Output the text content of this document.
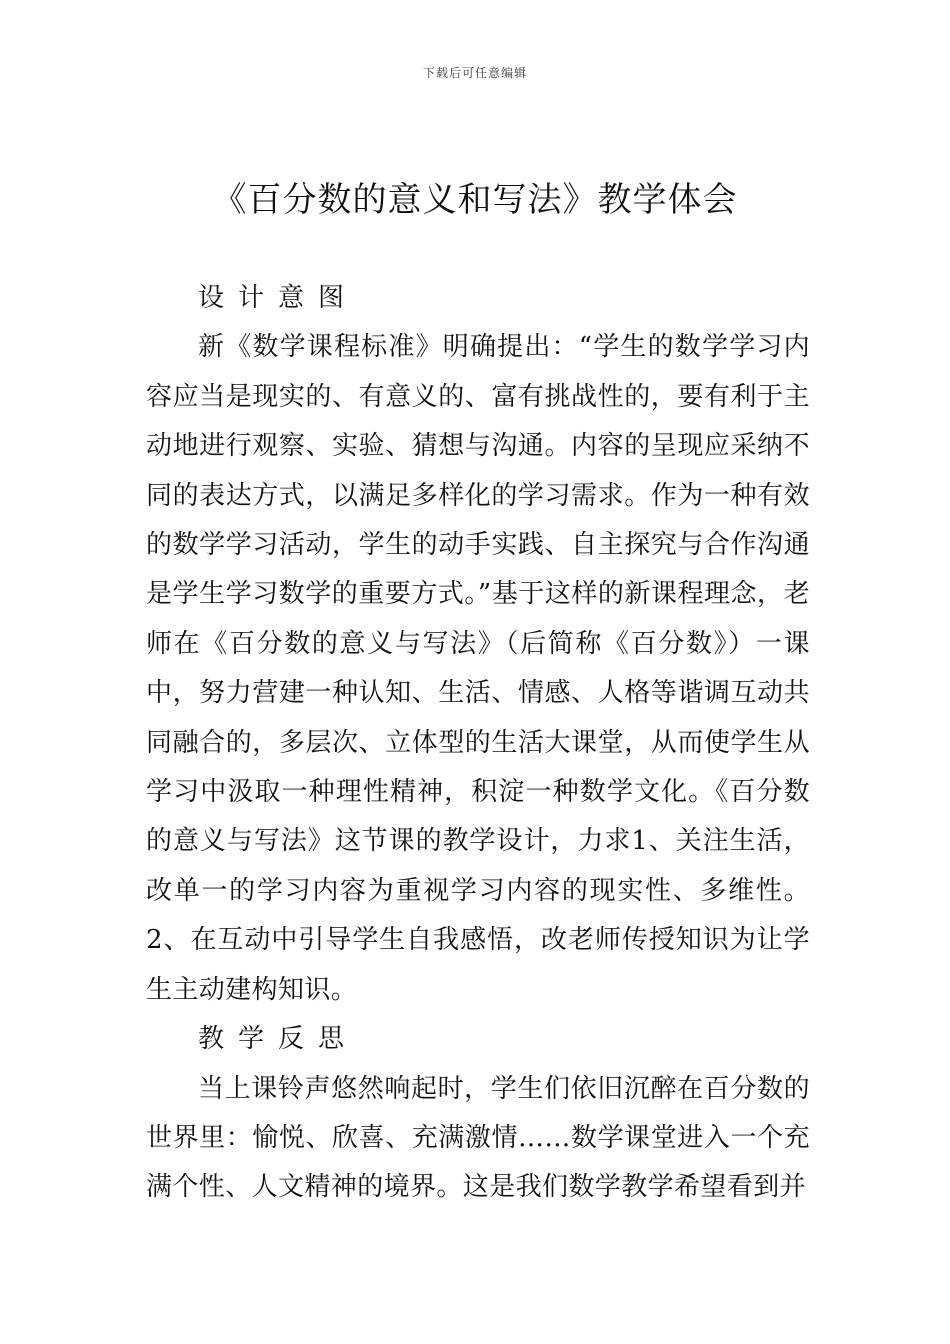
下载后可任意编辑
《百分数的意义和写法》教学体会
设计意图

新《数学课程标准》明确提出：“学生的数学学习内容应当是现实的、有意义的、富有挑战性的，要有利于主动地进行观察、实验、猜想与沟通。内容的呈现应采纳不同的表达方式，以满足多样化的学习需求。作为一种有效的数学学习活动，学生的动手实践、自主探究与合作沟通是学生学习数学的重要方式。”基于这样的新课程理念，老师在《百分数的意义与写法》（后简称《百分数》）一课中，努力营建一种认知、生活、情感、人格等谐调互动共同融合的，多层次、立体型的生活大课堂，从而使学生从学习中汲取一种理性精神，积淀一种数学文化。《百分数的意义与写法》这节课的教学设计，力求1、关注生活，改单一的学习内容为重视学习内容的现实性、多维性。2、在互动中引导学生自我感悟，改老师传授知识为让学生主动建构知识。

教学反思

当上课铃声悠然响起时，学生们依旧沉醉在百分数的世界里：愉悦、欣喜、充满激情……数学课堂进入一个充满个性、人文精神的境界。这是我们数学教学希望看到并
